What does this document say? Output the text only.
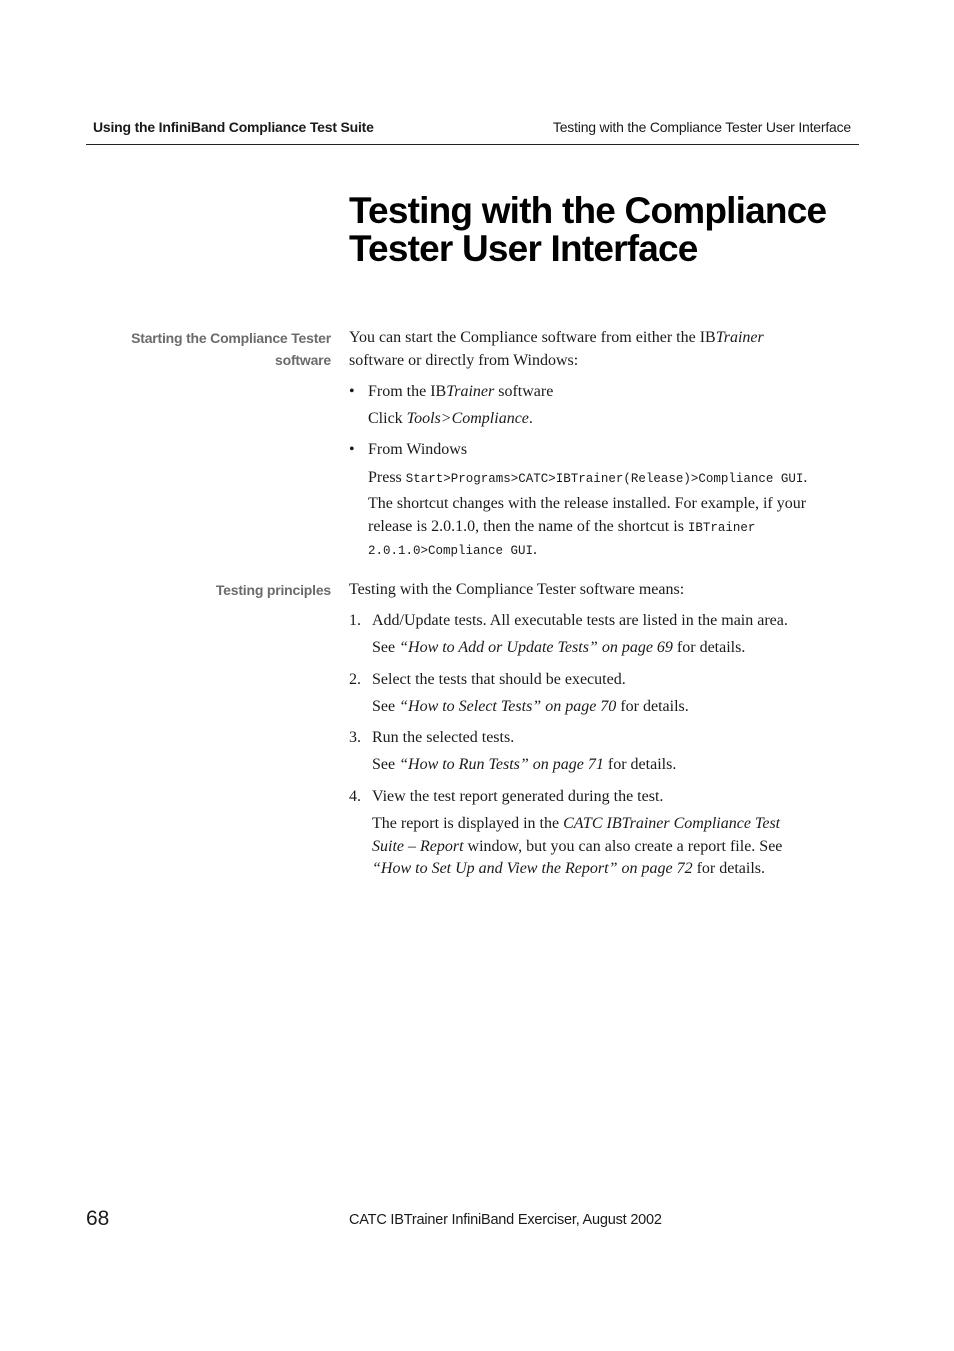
Using the InfiniBand Compliance Test Suite	Testing with the Compliance Tester User Interface
Testing with the Compliance
Tester User Interface
Starting the Compliance Tester
software

You can start the Compliance software from either the IBTrainer
software or directly from Windows:

• From the IBTrainer software

Click Tools>Compliance.

• From Windows

Press Start>Programs>CATC>IBTrainer(Release)>Compliance GUI.

The shortcut changes with the release installed. For example, if your
release is 2.0.1.0, then the name of the shortcut is IBTrainer
2.0.1.0>Compliance GUI.

Testing principles Testing with the Compliance Tester software means:

1. Add/Update tests. All executable tests are listed in the main area.

See “How to Add or Update Tests” on page 69 for details.

2. Select the tests that should be executed.

See “How to Select Tests” on page 70 for details.

3. Run the selected tests.

See “How to Run Tests” on page 71 for details.

4. View the test report generated during the test.

The report is displayed in the CATC IBTrainer Compliance Test
Suite – Report window, but you can also create a report file. See
“How to Set Up and View the Report” on page 72 for details.

68	CATC IBTrainer InfiniBand Exerciser, August 2002
